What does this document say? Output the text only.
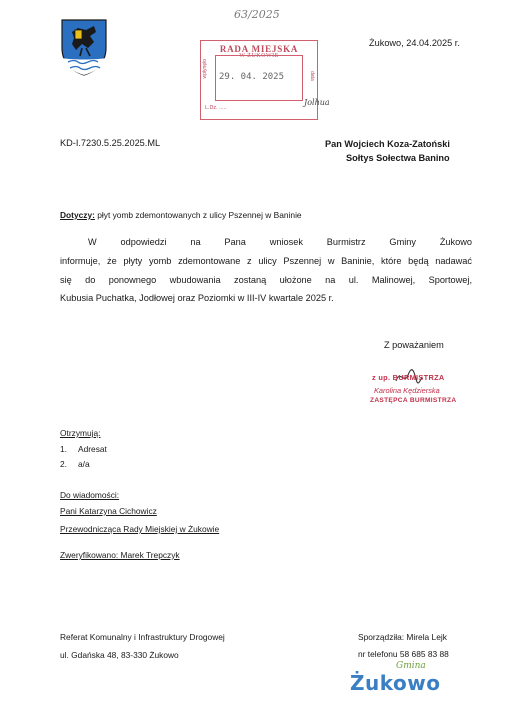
63/2025
Żukowo, 24.04.2025 r.
RADA MIEJSKA
W ŻUKOWIE
wpłynęło	data
29. 04. 2025
L.Dz. .....
Jolhua
KD-I.7230.5.25.2025.ML	Pan Wojciech Koza-Zatoński
Sołtys Sołectwa Banino
Dotyczy: płyt yomb zdemontowanych z ulicy Pszennej w Baninie
W odpowiedzi na Pana wniosek Burmistrz Gminy Żukowo
informuje, że płyty yomb zdemontowane z ulicy Pszennej w Baninie, które będą nadawać
się do ponownego wbudowania zostaną ułożone na ul. Malinowej, Sportowej,
Kubusia Puchatka, Jodłowej oraz Poziomki w III-IV kwartale 2025 r.
Z poważaniem
z up. BURMISTRZA
Karolina Kędzierska
ZASTĘPCA BURMISTRZA
Otrzymują:
1. Adresat
2. a/a
Do wiadomości:
Pani Katarzyna Cichowicz
Przewodnicząca Rady Miejskiej w Żukowie
Zweryfikowano: Marek Trepczyk
Referat Komunalny i Infrastruktury Drogowej
ul. Gdańska 48, 83-330 Żukowo
Sporządziła: Mirela Lejk
nr telefonu 58 685 83 88
Gmina
Żukowo
